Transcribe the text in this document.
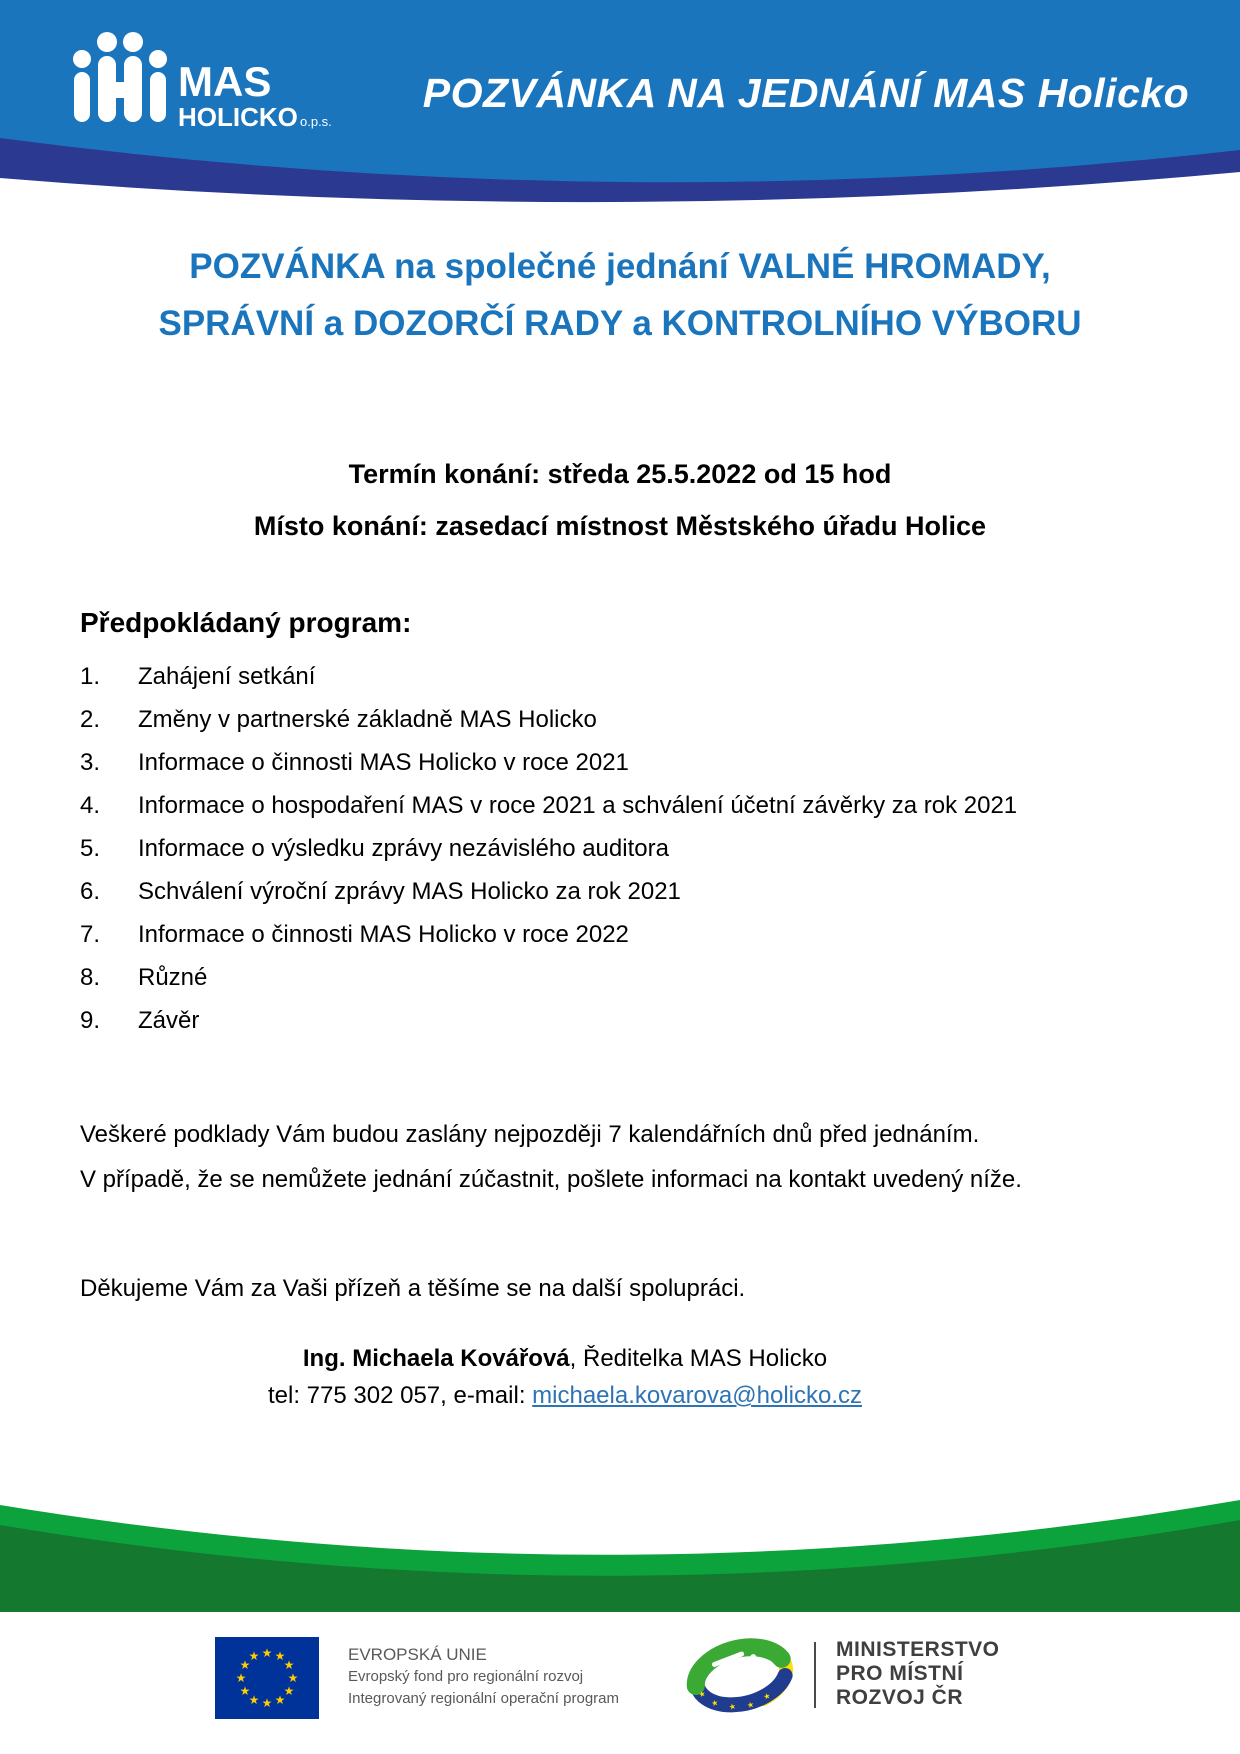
MAS
HOLICKO o.p.s.
POZVÁNKA NA JEDNÁNÍ MAS Holicko
POZVÁNKA na společné jednání VALNÉ HROMADY,
SPRÁVNÍ a DOZORČÍ RADY a KONTROLNÍHO VÝBORU
Termín konání: středa 25.5.2022 od 15 hod
Místo konání: zasedací místnost Městského úřadu Holice
Předpokládaný program:
1.	Zahájení setkání
2.	Změny v partnerské základně MAS Holicko
3.	Informace o činnosti MAS Holicko v roce 2021
4.	Informace o hospodaření MAS v roce 2021 a schválení účetní závěrky za rok 2021
5.	Informace o výsledku zprávy nezávislého auditora
6.	Schválení výroční zprávy MAS Holicko za rok 2021
7.	Informace o činnosti MAS Holicko v roce 2022
8.	Různé
9.	Závěr
Veškeré podklady Vám budou zaslány nejpozději 7 kalendářních dnů před jednáním.
V případě, že se nemůžete jednání zúčastnit, pošlete informaci na kontakt uvedený níže.
Děkujeme Vám za Vaši přízeň a těšíme se na další spolupráci.
Ing. Michaela Kovářová, Ředitelka MAS Holicko
tel: 775 302 057, e-mail: michaela.kovarova@holicko.cz
★ ★
★
★
★
★
★
★
★
★
★
★	EVROPSKÁ UNIE
Evropský fond pro regionální rozvoj
Integrovaný regionální operační program	★
★
★
★
★
MINISTERSTVO
PRO MÍSTNÍ
ROZVOJ ČR
